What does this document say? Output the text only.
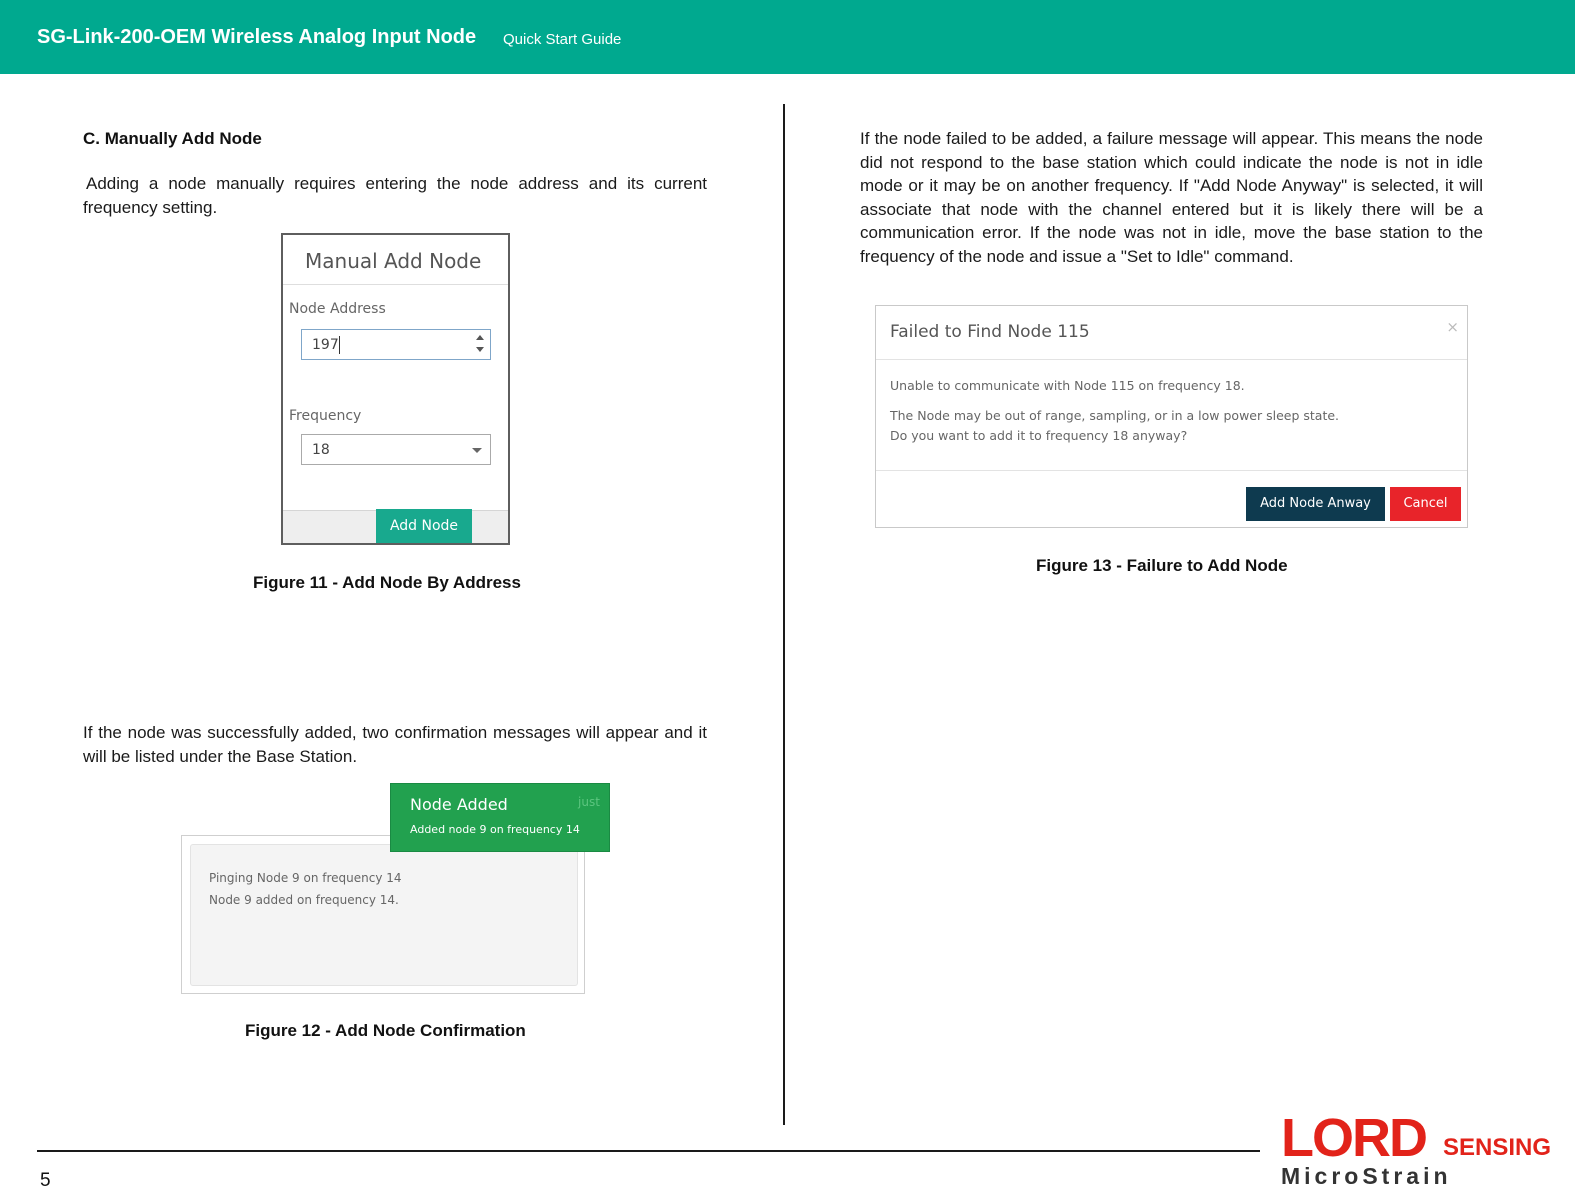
SG-Link-200-OEM Wireless Analog Input Node Quick Start Guide
C. Manually Add Node

Adding a node manually requires entering the node address and its current frequency setting.

Manual Add Node
Node Address
197
Frequency
18
Add Node
Figure 11 - Add Node By Address

If the node was successfully added, two confirmation messages will appear and it will be listed under the Base Station.

Pinging Node 9 on frequency 14
Node 9 added on frequency 14.
Node Added
Added node 9 on frequency 14
just
Figure 12 - Add Node Confirmation

If the node failed to be added, a failure message will appear. This means the node did not respond to the base station which could indicate the node is not in idle mode or it may be on another frequency. If "Add Node Anyway" is selected, it will associate that node with the channel entered but it is likely there will be a communication error. If the node was not in idle, move the base station to the frequency of the node and issue a "Set to Idle" command.

Failed to Find Node 115	×
Unable to communicate with Node 115 on frequency 18.
The Node may be out of range, sampling, or in a low power sleep state.
Do you want to add it to frequency 18 anyway?
Add Node Anway	Cancel
Figure 13 - Failure to Add Node
5
LORD SENSING
MicroStrain
